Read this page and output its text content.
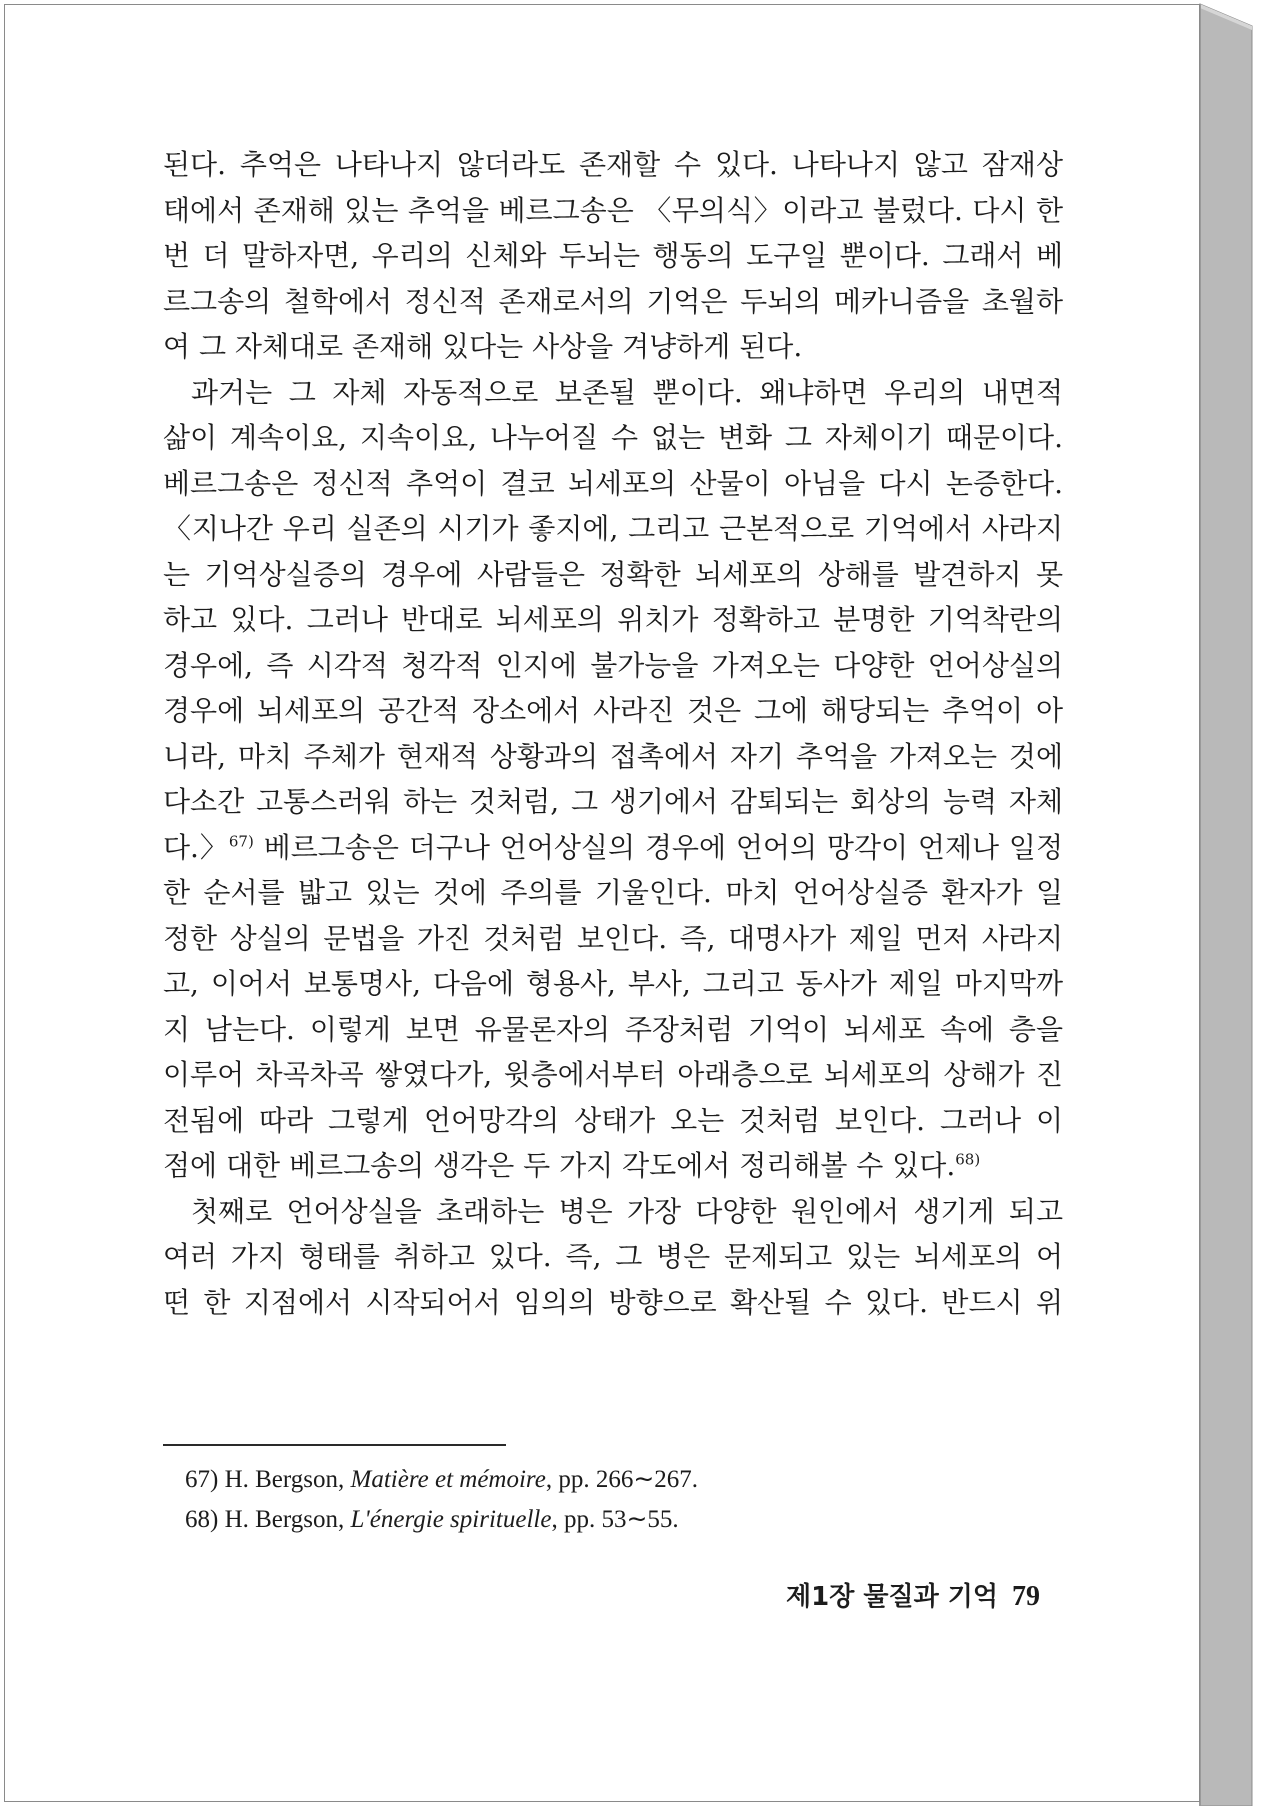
된다. 추억은 나타나지 않더라도 존재할 수 있다. 나타나지 않고 잠재상
태에서 존재해 있는 추억을 베르그송은 〈무의식〉이라고 불렀다. 다시 한
번 더 말하자면, 우리의 신체와 두뇌는 행동의 도구일 뿐이다. 그래서 베
르그송의 철학에서 정신적 존재로서의 기억은 두뇌의 메카니즘을 초월하
여 그 자체대로 존재해 있다는 사상을 겨냥하게 된다.

과거는 그 자체 자동적으로 보존될 뿐이다. 왜냐하면 우리의 내면적
삶이 계속이요, 지속이요, 나누어질 수 없는 변화 그 자체이기 때문이다.
베르그송은 정신적 추억이 결코 뇌세포의 산물이 아님을 다시 논증한다.
〈지나간 우리 실존의 시기가 좋지에, 그리고 근본적으로 기억에서 사라지
는 기억상실증의 경우에 사람들은 정확한 뇌세포의 상해를 발견하지 못
하고 있다. 그러나 반대로 뇌세포의 위치가 정확하고 분명한 기억착란의
경우에, 즉 시각적 청각적 인지에 불가능을 가져오는 다양한 언어상실의
경우에 뇌세포의 공간적 장소에서 사라진 것은 그에 해당되는 추억이 아
니라, 마치 주체가 현재적 상황과의 접촉에서 자기 추억을 가져오는 것에
다소간 고통스러워 하는 것처럼, 그 생기에서 감퇴되는 회상의 능력 자체
다.〉$^{67)}$ 베르그송은 더구나 언어상실의 경우에 언어의 망각이 언제나 일정
한 순서를 밟고 있는 것에 주의를 기울인다. 마치 언어상실증 환자가 일
정한 상실의 문법을 가진 것처럼 보인다. 즉, 대명사가 제일 먼저 사라지
고, 이어서 보통명사, 다음에 형용사, 부사, 그리고 동사가 제일 마지막까
지 남는다. 이렇게 보면 유물론자의 주장처럼 기억이 뇌세포 속에 층을
이루어 차곡차곡 쌓였다가, 윗층에서부터 아래층으로 뇌세포의 상해가 진
전됨에 따라 그렇게 언어망각의 상태가 오는 것처럼 보인다. 그러나 이
점에 대한 베르그송의 생각은 두 가지 각도에서 정리해볼 수 있다.$^{68)}$

첫째로 언어상실을 초래하는 병은 가장 다양한 원인에서 생기게 되고
여러 가지 형태를 취하고 있다. 즉, 그 병은 문제되고 있는 뇌세포의 어
떤 한 지점에서 시작되어서 임의의 방향으로 확산될 수 있다. 반드시 위

67) H. Bergson, Matière et mémoire, pp. 266∼267.
68) H. Bergson, L'énergie spirituelle, pp. 53∼55.
제1장 물질과 기억 79
